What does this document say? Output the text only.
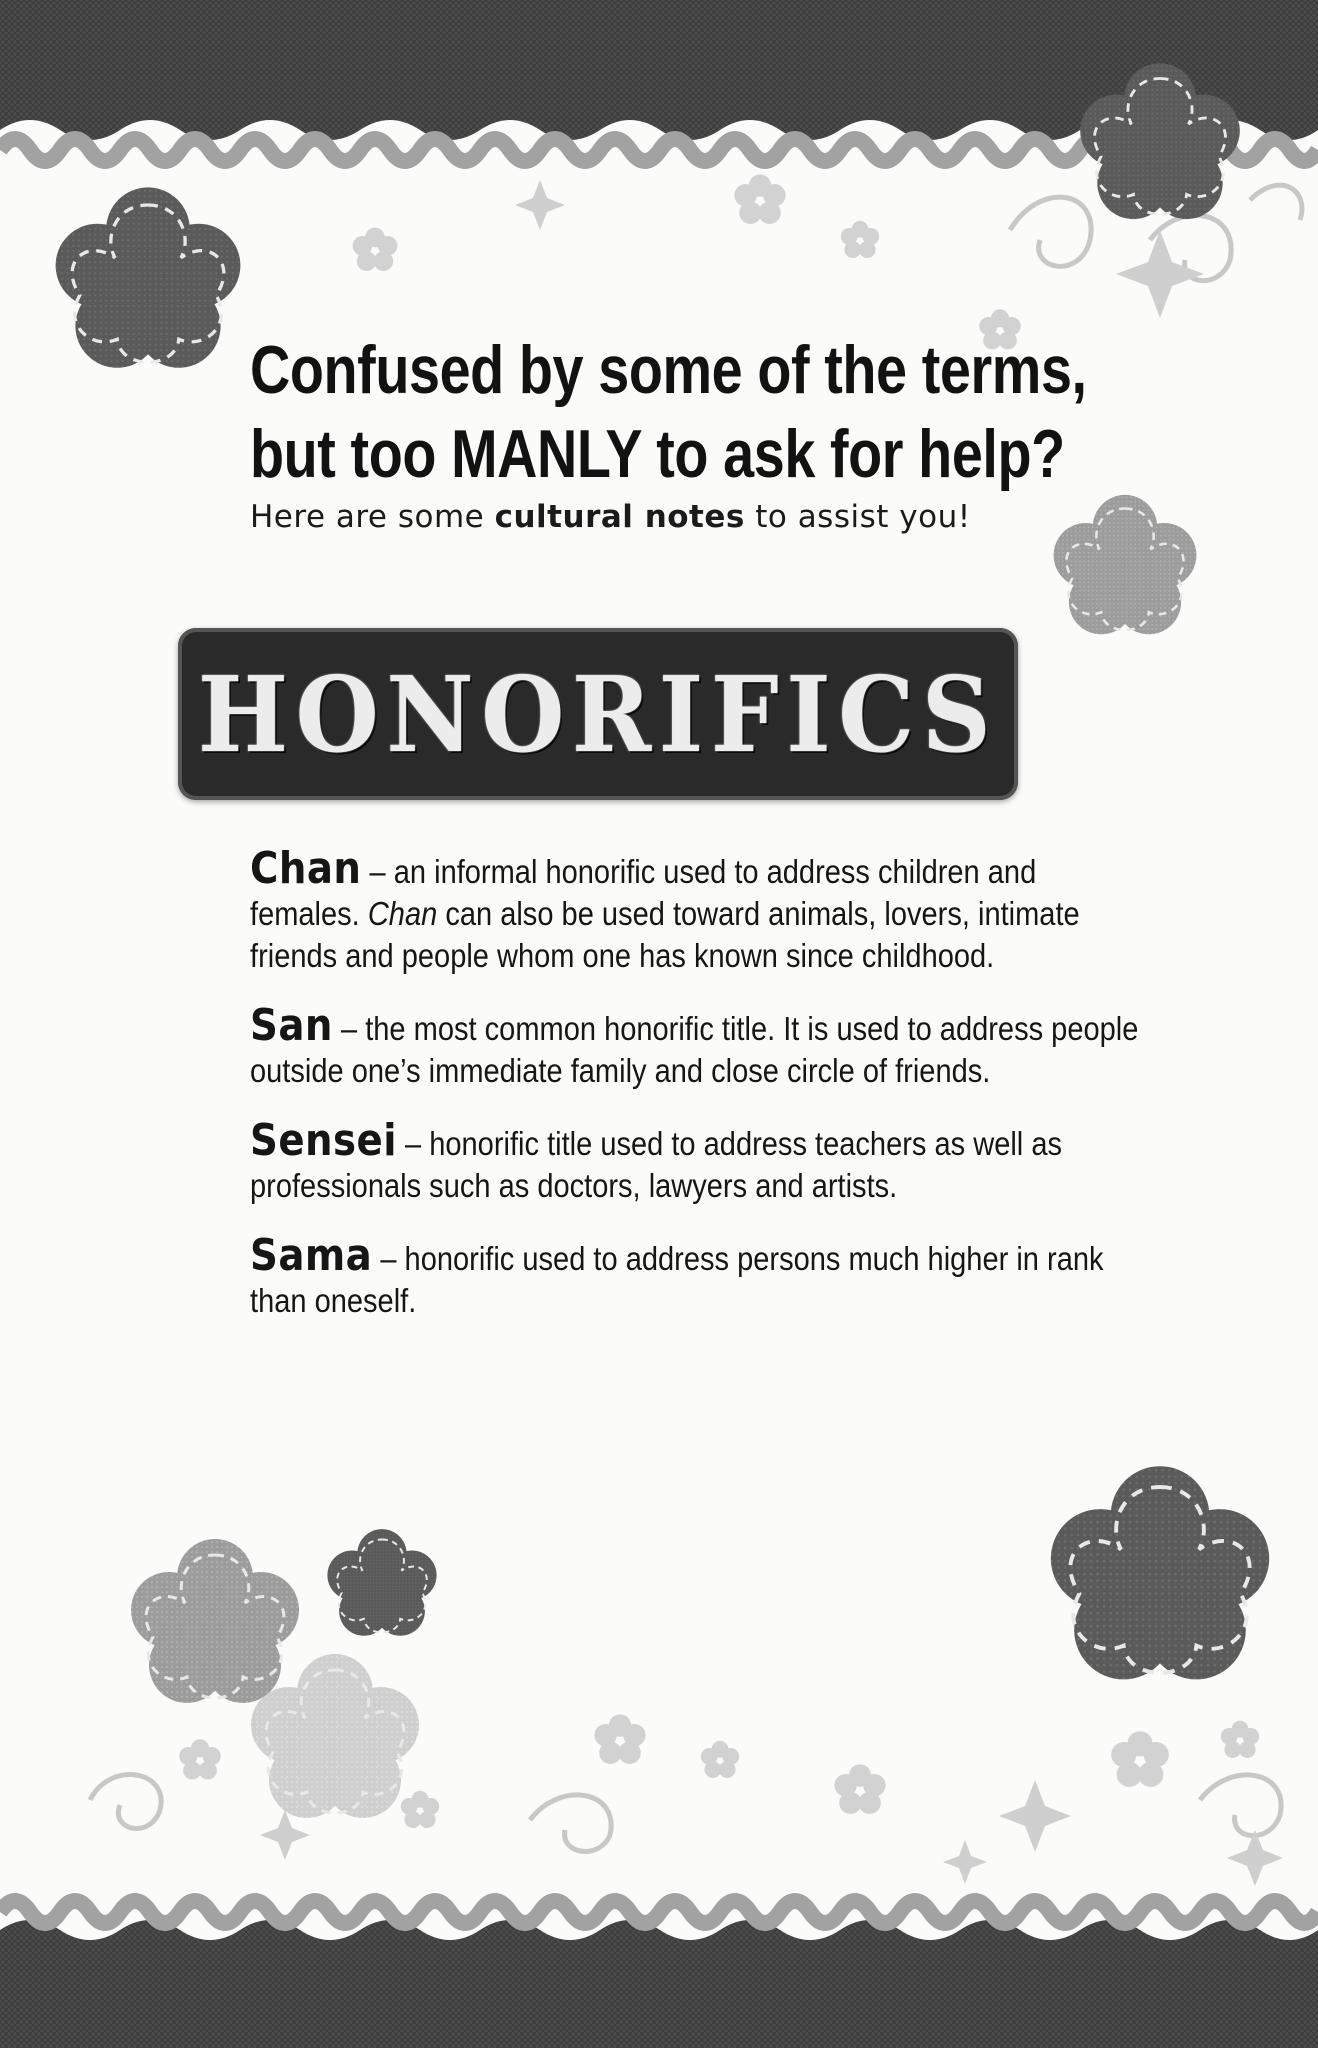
Confused by some of the terms,
but too MANLY to ask for help?

Here are some cultural notes to assist you!

HONORIFICS

Chan – an informal honorific used to address children and females. Chan can also be used toward animals, lovers, intimate friends and people whom one has known since childhood.

San – the most common honorific title. It is used to address people outside one’s immediate family and close circle of friends.

Sensei – honorific title used to address teachers as well as professionals such as doctors, lawyers and artists.

Sama – honorific used to address persons much higher in rank than oneself.
